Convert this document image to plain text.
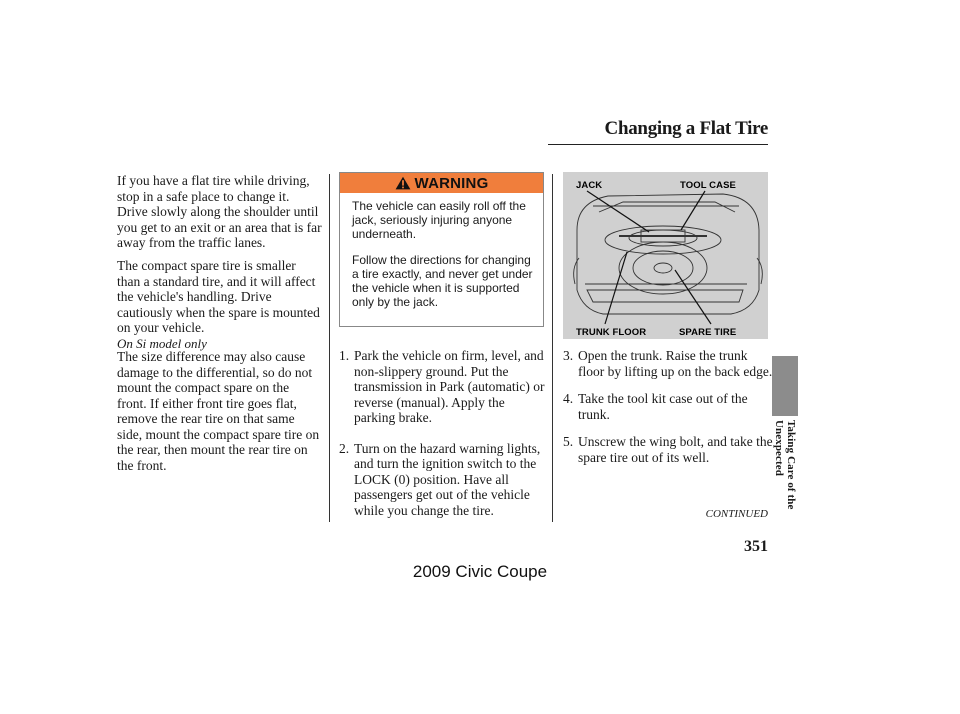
Changing a Flat Tire

If you have a flat tire while driving, stop in a safe place to change it. Drive slowly along the shoulder until you get to an exit or an area that is far away from the traffic lanes.

The compact spare tire is smaller than a standard tire, and it will affect the vehicle's handling. Drive cautiously when the spare is mounted on your vehicle.

On Si model only

The size difference may also cause damage to the differential, so do not mount the compact spare on the front. If either front tire goes flat, remove the rear tire on that same side, mount the compact spare tire on the rear, then mount the rear tire on the front.

WARNING

The vehicle can easily roll off the jack, seriously injuring anyone underneath.

Follow the directions for changing a tire exactly, and never get under the vehicle when it is supported only by the jack.

1. Park the vehicle on firm, level, and non-slippery ground. Put the transmission in Park (automatic) or reverse (manual). Apply the parking brake.
2. Turn on the hazard warning lights, and turn the ignition switch to the LOCK (0) position. Have all passengers get out of the vehicle while you change the tire.
JACK	TOOL CASE
TRUNK FLOOR	SPARE TIRE
3. Open the trunk. Raise the trunk floor by lifting up on the back edge.
4. Take the tool kit case out of the trunk.
5. Unscrew the wing bolt, and take the spare tire out of its well.	Taking Care of the Unexpected
CONTINUED
351
2009 Civic Coupe
